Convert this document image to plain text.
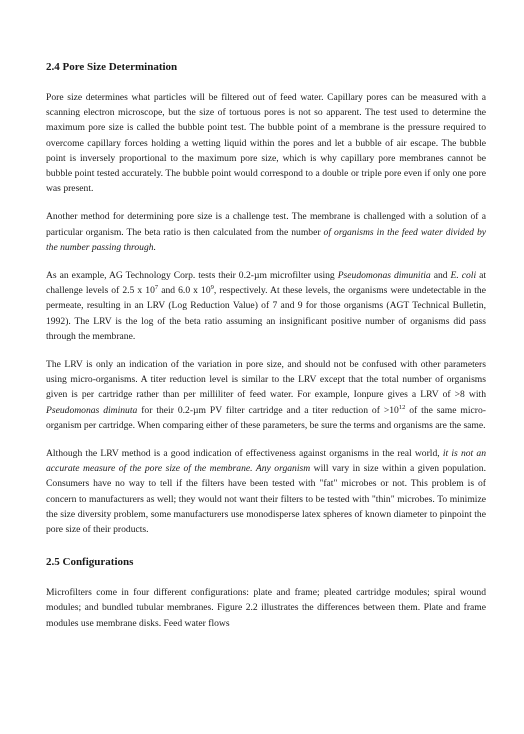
2.4 Pore Size Determination

Pore size determines what particles will be filtered out of feed water. Capillary pores can be measured with a scanning electron microscope, but the size of tortuous pores is not so apparent. The test used to determine the maximum pore size is called the bubble point test. The bubble point of a membrane is the pressure required to overcome capillary forces holding a wetting liquid within the pores and let a bubble of air escape. The bubble point is inversely proportional to the maximum pore size, which is why capillary pore membranes cannot be bubble point tested accurately. The bubble point would correspond to a double or triple pore even if only one pore was present.

Another method for determining pore size is a challenge test. The membrane is challenged with a solution of a particular organism. The beta ratio is then calculated from the number of organisms in the feed water divided by the number passing through.

As an example, AG Technology Corp. tests their 0.2-µm microfilter using Pseudomonas dimunitia and E. coli at challenge levels of 2.5 x $10^7$ and 6.0 x $10^9$, respectively. At these levels, the organisms were undetectable in the permeate, resulting in an LRV (Log Reduction Value) of 7 and 9 for those organisms (AGT Technical Bulletin, 1992). The LRV is the log of the beta ratio assuming an insignificant positive number of organisms did pass through the membrane.

The LRV is only an indication of the variation in pore size, and should not be confused with other parameters using micro-organisms. A titer reduction level is similar to the LRV except that the total number of organisms given is per cartridge rather than per milliliter of feed water. For example, Ionpure gives a LRV of >8 with Pseudomonas diminuta for their 0.2-µm PV filter cartridge and a titer reduction of $>10^{12}$ of the same micro-organism per cartridge. When comparing either of these parameters, be sure the terms and organisms are the same.

Although the LRV method is a good indication of effectiveness against organisms in the real world, it is not an accurate measure of the pore size of the membrane. Any organism will vary in size within a given population. Consumers have no way to tell if the filters have been tested with "fat" microbes or not. This problem is of concern to manufacturers as well; they would not want their filters to be tested with "thin" microbes. To minimize the size diversity problem, some manufacturers use monodisperse latex spheres of known diameter to pinpoint the pore size of their products.

2.5 Configurations

Microfilters come in four different configurations: plate and frame; pleated cartridge modules; spiral wound modules; and bundled tubular membranes. Figure 2.2 illustrates the differences between them. Plate and frame modules use membrane disks. Feed water flows
